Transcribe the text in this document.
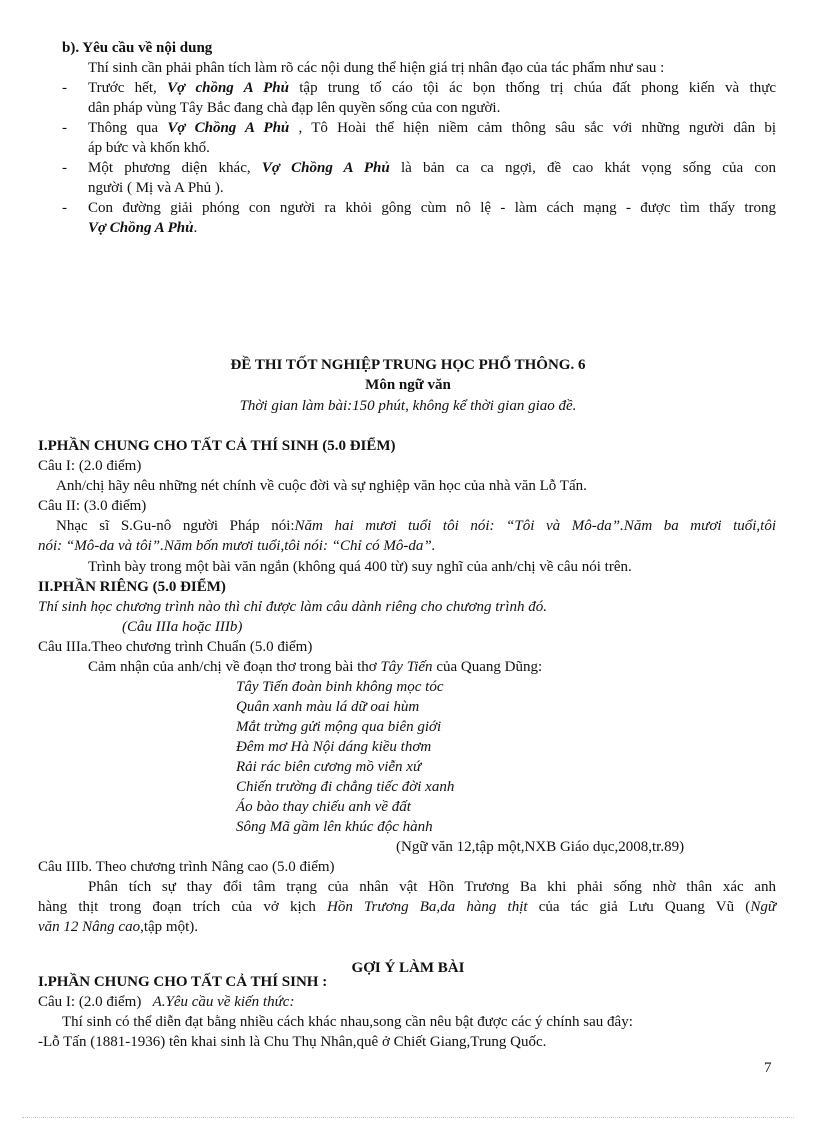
b). Yêu cầu về nội dung
Thí sinh cần phải phân tích làm rõ các nội dung thể hiện giá trị nhân đạo của tác phẩm như sau :
- Trước hết, Vợ chồng A Phủ tập trung tố cáo tội ác bọn thống trị chúa đất phong kiến và thực
dân pháp vùng Tây Bắc đang chà đạp lên quyền sống của con người.
- Thông qua Vợ Chồng A Phủ , Tô Hoài thể hiện niềm cảm thông sâu sắc với những người dân bị
áp bức và khốn khổ.
- Một phương diện khác, Vợ Chồng A Phủ là bản ca ca ngợi, đề cao khát vọng sống của con
người ( Mị và A Phủ ).
- Con đường giải phóng con người ra khỏi gông cùm nô lệ - làm cách mạng - được tìm thấy trong
Vợ Chồng A Phủ.
ĐỀ THI TỐT NGHIỆP TRUNG HỌC PHỔ THÔNG. 6
Môn ngữ văn
Thời gian làm bài:150 phút, không kể thời gian giao đề.
I.PHẦN CHUNG CHO TẤT CẢ THÍ SINH (5.0 ĐIỂM)
Câu I: (2.0 điểm)
Anh/chị hãy nêu những nét chính về cuộc đời và sự nghiệp văn học của nhà văn Lỗ Tấn.
Câu II: (3.0 điểm)
Nhạc sĩ S.Gu-nô người Pháp nói:Năm hai mươi tuổi tôi nói: “Tôi và Mô-da”.Năm ba mươi tuổi,tôi
nói: “Mô-da và tôi”.Năm bốn mươi tuổi,tôi nói: “Chỉ có Mô-da”.
Trình bày trong một bài văn ngắn (không quá 400 từ) suy nghĩ của anh/chị về câu nói trên.
II.PHẦN RIÊNG (5.0 ĐIỂM)
Thí sinh học chương trình nào thì chỉ được làm câu dành riêng cho chương trình đó.
(Câu IIIa hoặc IIIb)
Câu IIIa.Theo chương trình Chuẩn (5.0 điểm)
Cảm nhận của anh/chị về đoạn thơ trong bài thơ Tây Tiến của Quang Dũng:
Tây Tiến đoàn binh không mọc tóc
Quân xanh màu lá dữ oai hùm
Mắt trừng gửi mộng qua biên giới
Đêm mơ Hà Nội dáng kiều thơm
Rải rác biên cương mồ viễn xứ
Chiến trường đi chẳng tiếc đời xanh
Áo bào thay chiếu anh về đất
Sông Mã gầm lên khúc độc hành
(Ngữ văn 12,tập một,NXB Giáo dục,2008,tr.89)
Câu IIIb. Theo chương trình Nâng cao (5.0 điểm)
Phân tích sự thay đổi tâm trạng của nhân vật Hồn Trương Ba khi phải sống nhờ thân xác anh
hàng thịt trong đoạn trích của vở kịch Hồn Trương Ba,da hàng thịt của tác giả Lưu Quang Vũ (Ngữ
văn 12 Nâng cao,tập một).
GỢI Ý LÀM BÀI
I.PHẦN CHUNG CHO TẤT CẢ THÍ SINH :
Câu I: (2.0 điểm) A.Yêu cầu về kiến thức:
Thí sinh có thể diễn đạt bằng nhiều cách khác nhau,song cần nêu bật được các ý chính sau đây:
-Lỗ Tấn (1881-1936) tên khai sinh là Chu Thụ Nhân,quê ở Chiết Giang,Trung Quốc.
7
